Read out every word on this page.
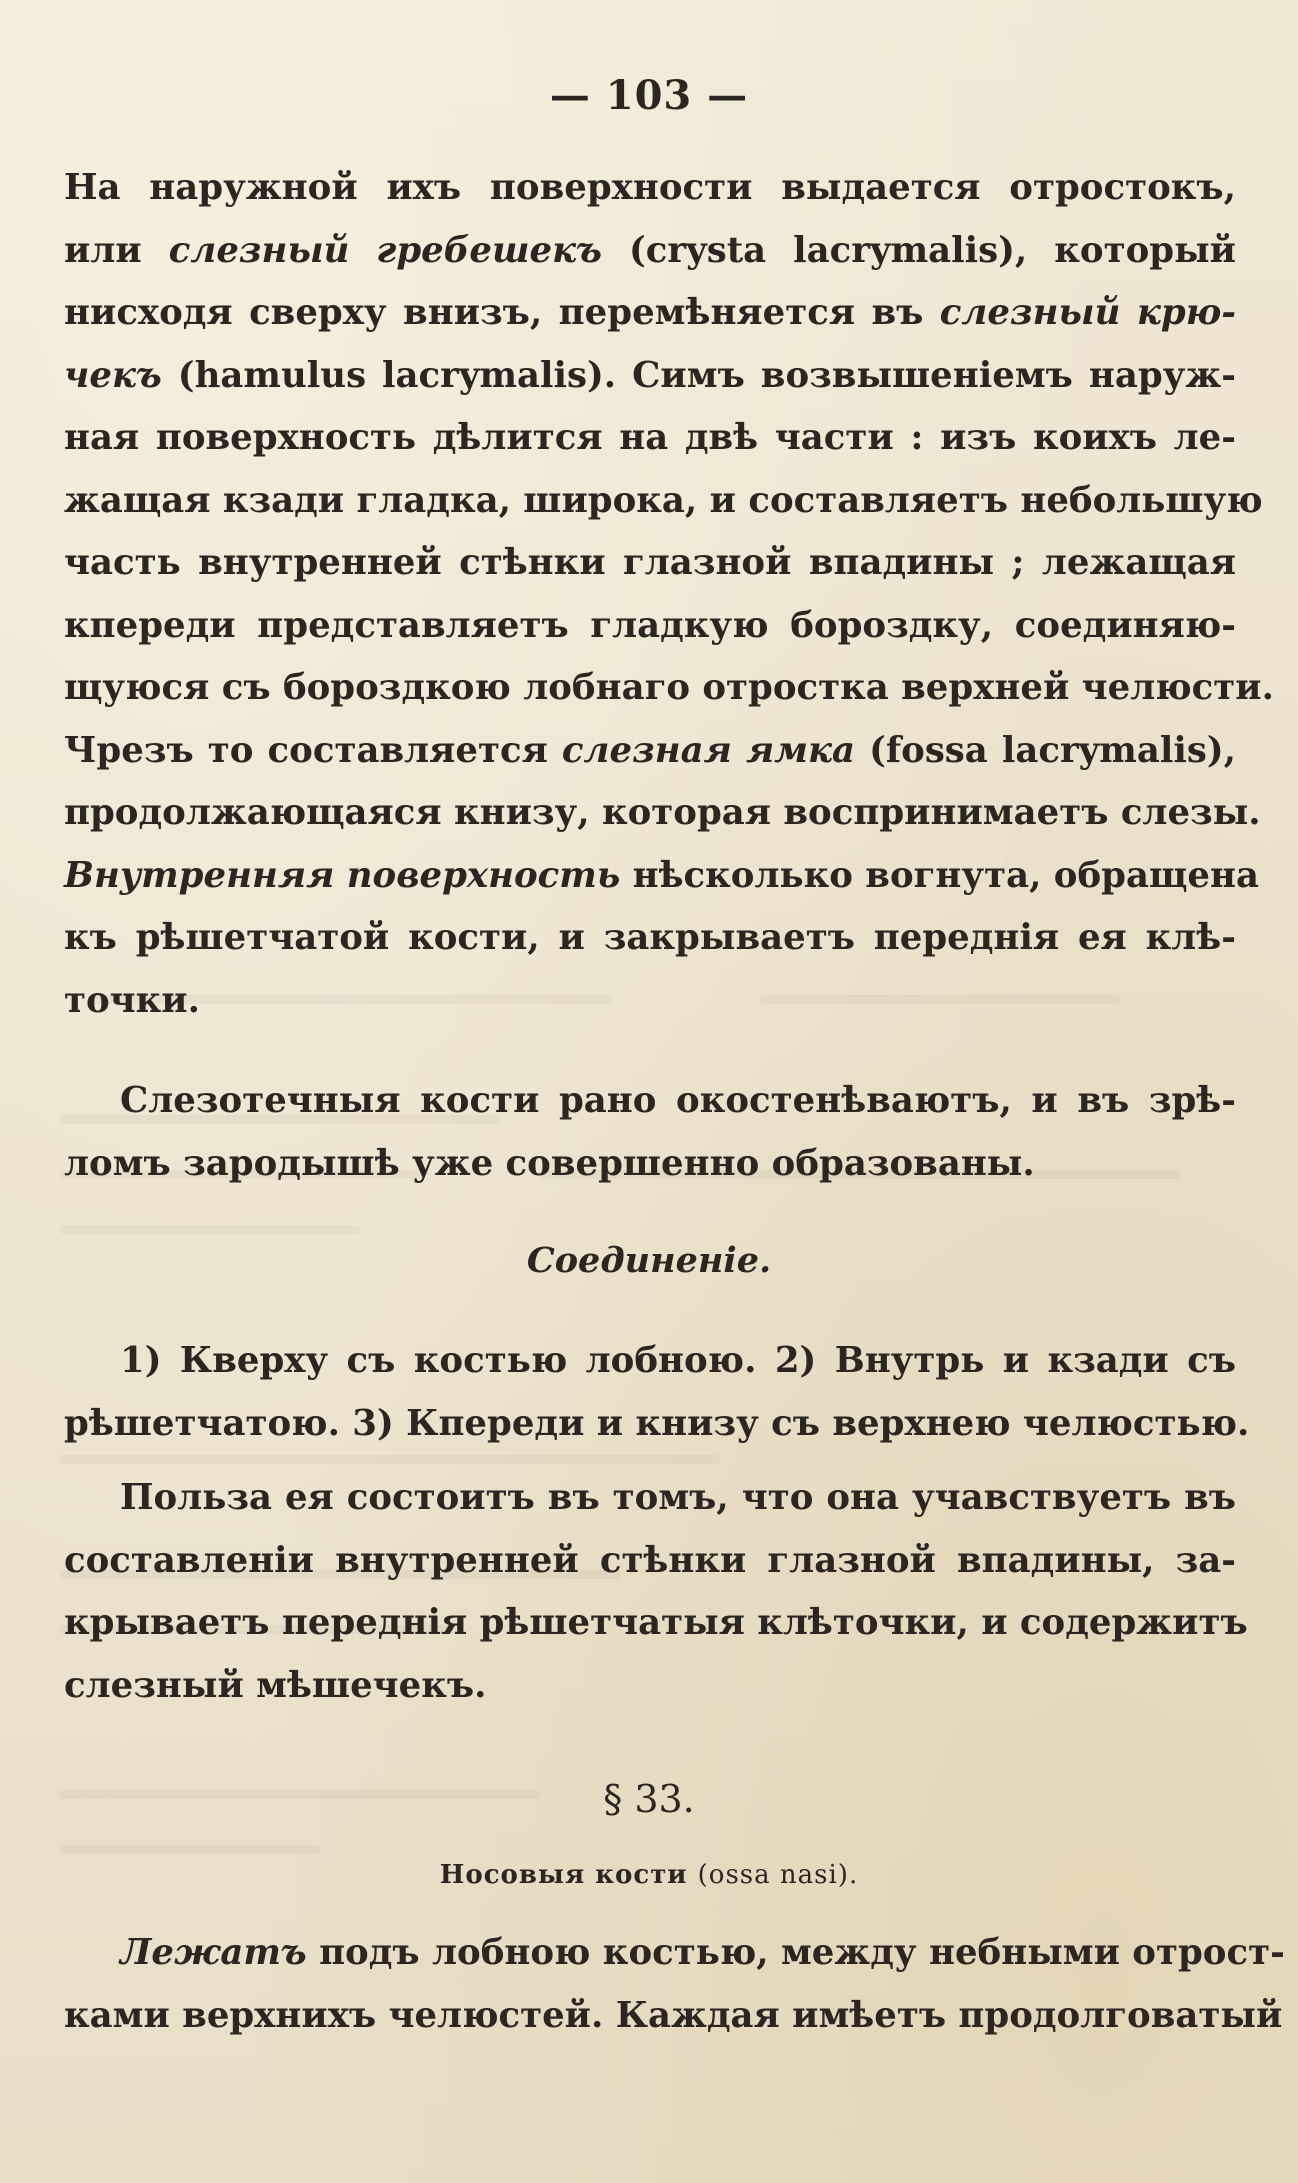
— 103 —
На наружной ихъ поверхности выдается отростокъ,
или слезный гребешекъ (crysta lacrymalis), который
нисходя сверху внизъ, перемѣняется въ слезный крю-
чекъ (hamulus lacrymalis). Симъ возвышеніемъ наруж-
ная поверхность дѣлится на двѣ части : изъ коихъ ле-
жащая кзади гладка, широка, и составляетъ небольшую
часть внутренней стѣнки глазной впадины ; лежащая
кпереди представляетъ гладкую бороздку, соединяю-
щуюся съ бороздкою лобнаго отростка верхней челюсти.
Чрезъ то составляется слезная ямка (fossa lacrymalis),
продолжающаяся книзу, которая воспринимаетъ слезы.
Внутренняя поверхность нѣсколько вогнута, обращена
къ рѣшетчатой кости, и закрываетъ переднія ея клѣ-
точки.
Слезотечныя кости рано окостенѣваютъ, и въ зрѣ-
ломъ зародышѣ уже совершенно образованы.
Соединеніе.
1) Кверху съ костью лобною. 2) Внутрь и кзади съ
рѣшетчатою. 3) Кпереди и книзу съ верхнею челюстью.
Польза ея состоитъ въ томъ, что она учавствуетъ въ
составленіи внутренней стѣнки глазной впадины, за-
крываетъ переднія рѣшетчатыя клѣточки, и содержитъ
слезный мѣшечекъ.
§ 33.
Носовыя кости (ossa nasi).
Лежатъ подъ лобною костью, между небными отрост-
ками верхнихъ челюстей. Каждая имѣетъ продолговатый
